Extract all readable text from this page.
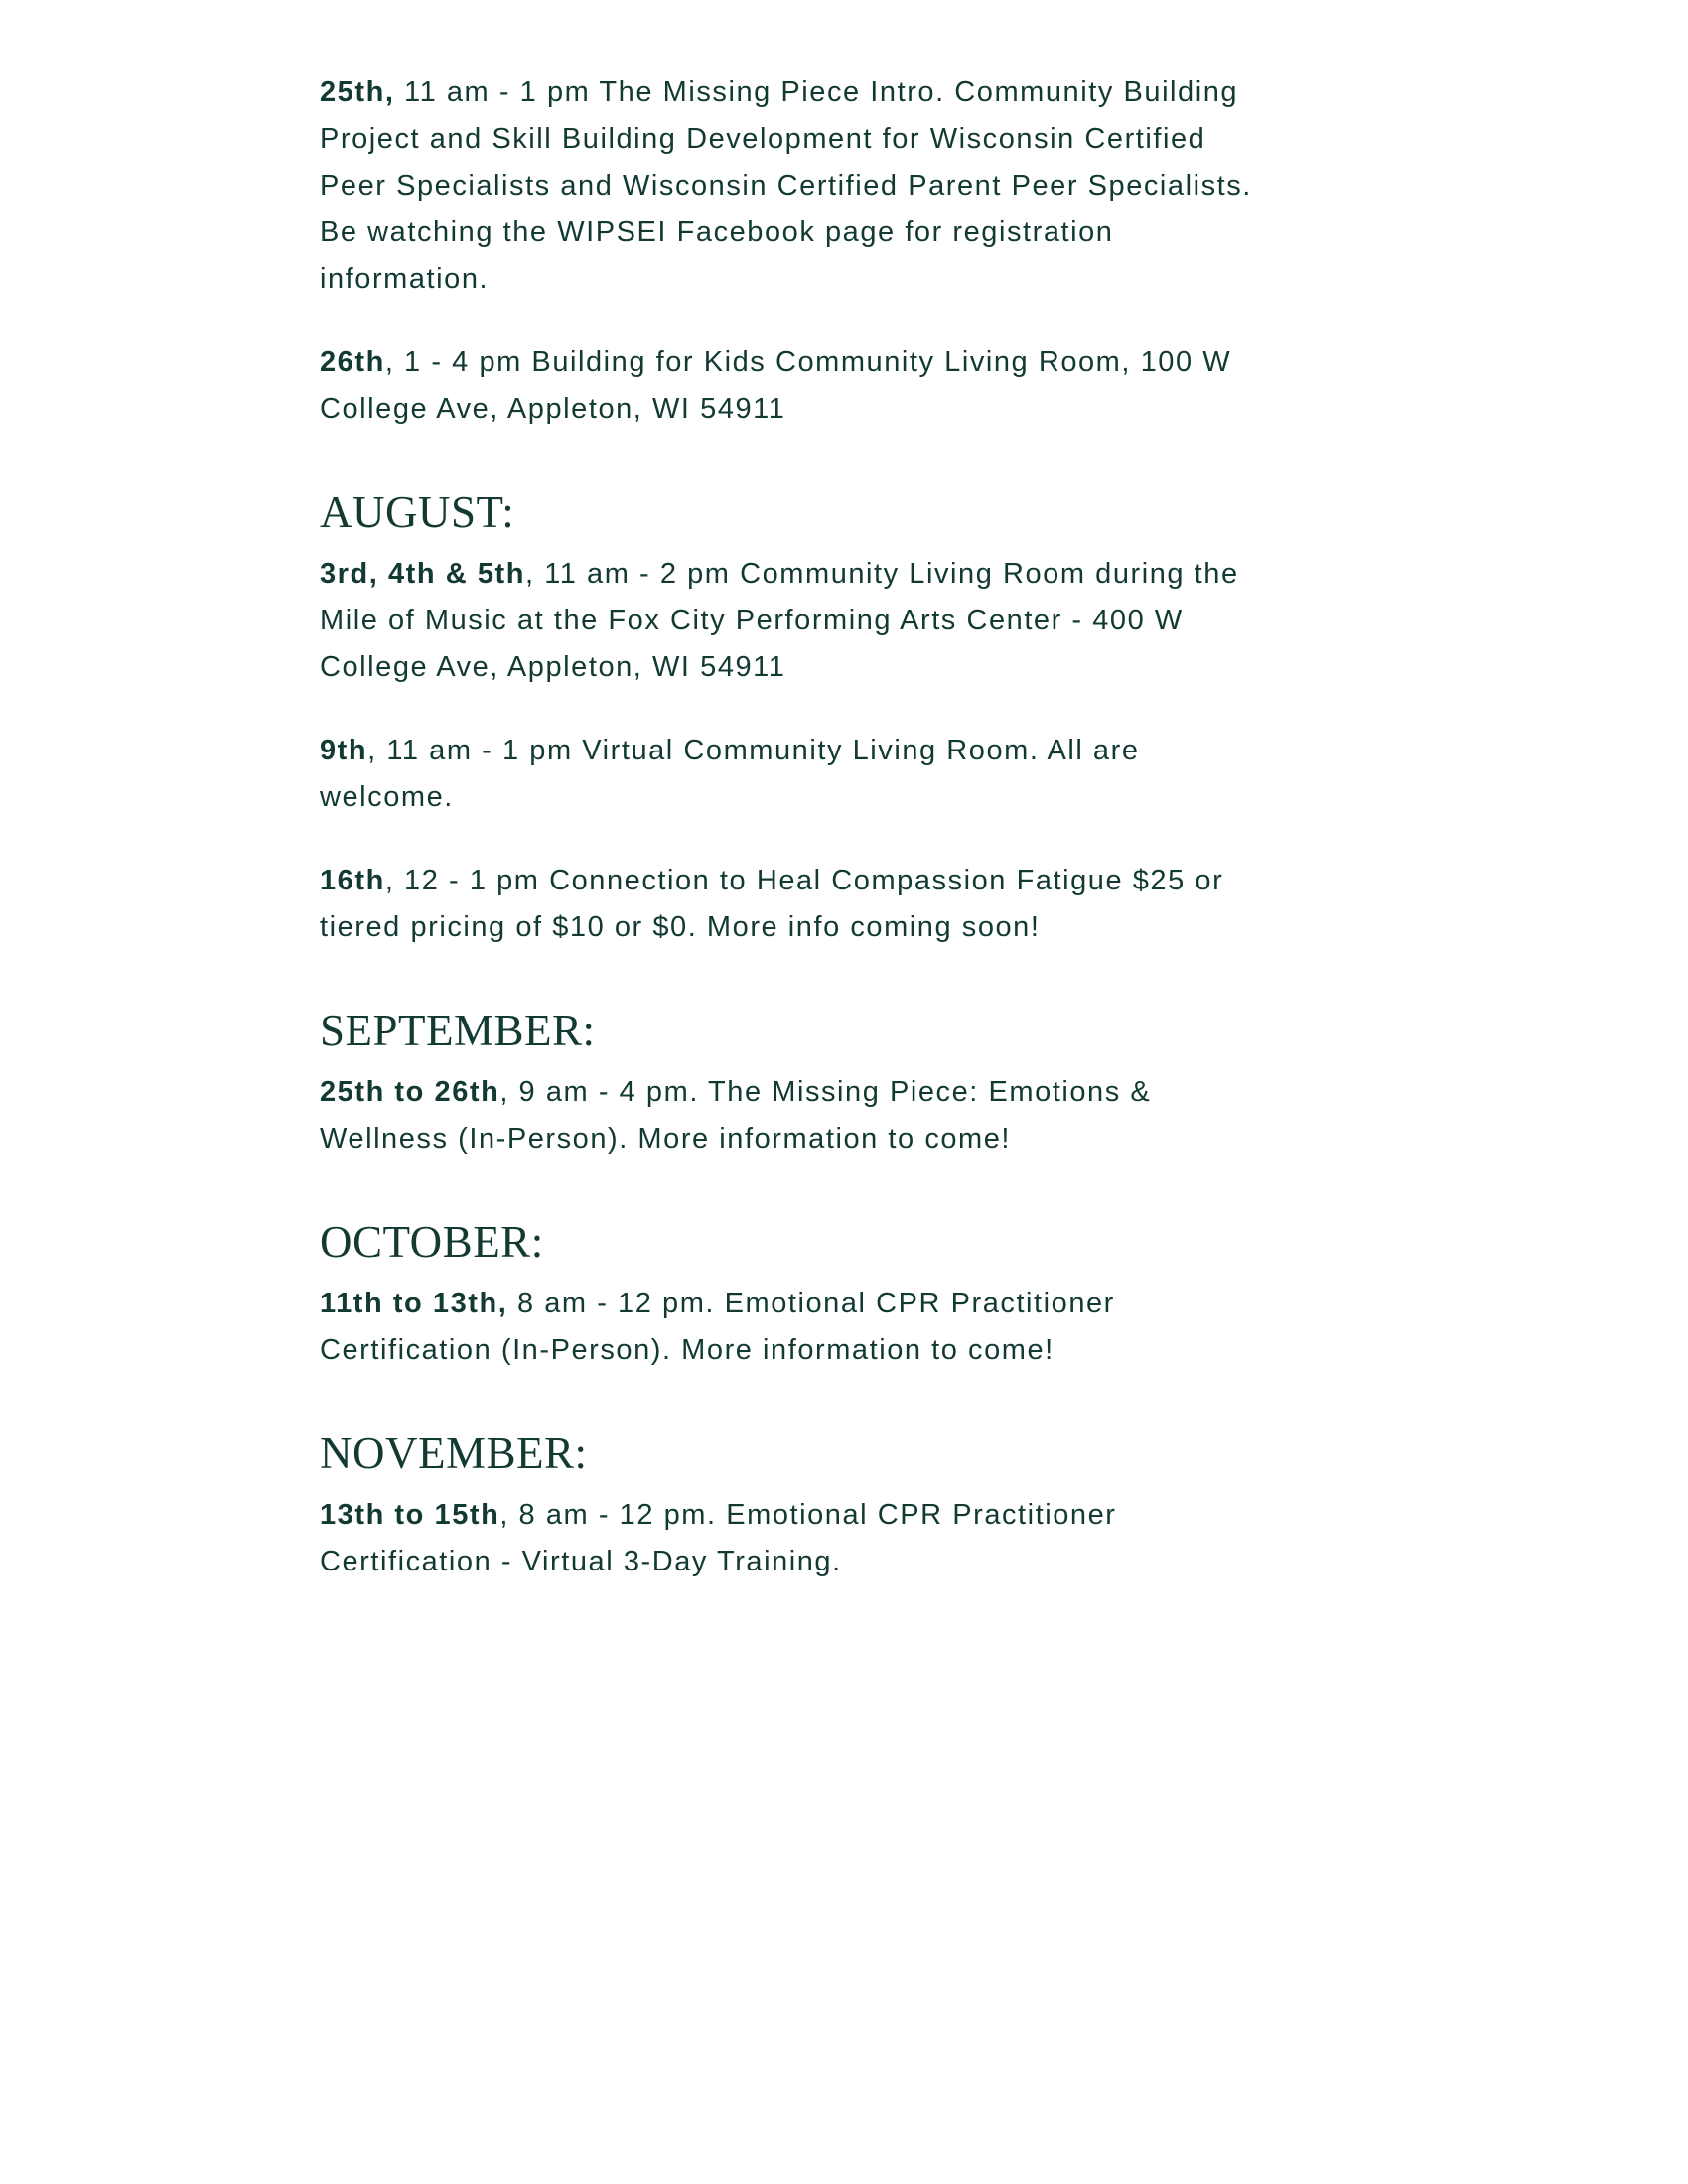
25th, 11 am - 1 pm The Missing Piece Intro. Community Building
Project and Skill Building Development for Wisconsin Certified
Peer Specialists and Wisconsin Certified Parent Peer Specialists.
Be watching the WIPSEI Facebook page for registration
information.

26th, 1 - 4 pm Building for Kids Community Living Room, 100 W
College Ave, Appleton, WI 54911

AUGUST:

3rd, 4th & 5th, 11 am - 2 pm Community Living Room during the
Mile of Music at the Fox City Performing Arts Center - 400 W
College Ave, Appleton, WI 54911

9th, 11 am - 1 pm Virtual Community Living Room. All are
welcome.

16th, 12 - 1 pm Connection to Heal Compassion Fatigue $25 or
tiered pricing of $10 or $0. More info coming soon!

SEPTEMBER:

25th to 26th, 9 am - 4 pm. The Missing Piece: Emotions &
Wellness (In-Person). More information to come!

OCTOBER:

11th to 13th, 8 am - 12 pm. Emotional CPR Practitioner
Certification (In-Person). More information to come!

NOVEMBER:

13th to 15th, 8 am - 12 pm. Emotional CPR Practitioner
Certification - Virtual 3-Day Training.
